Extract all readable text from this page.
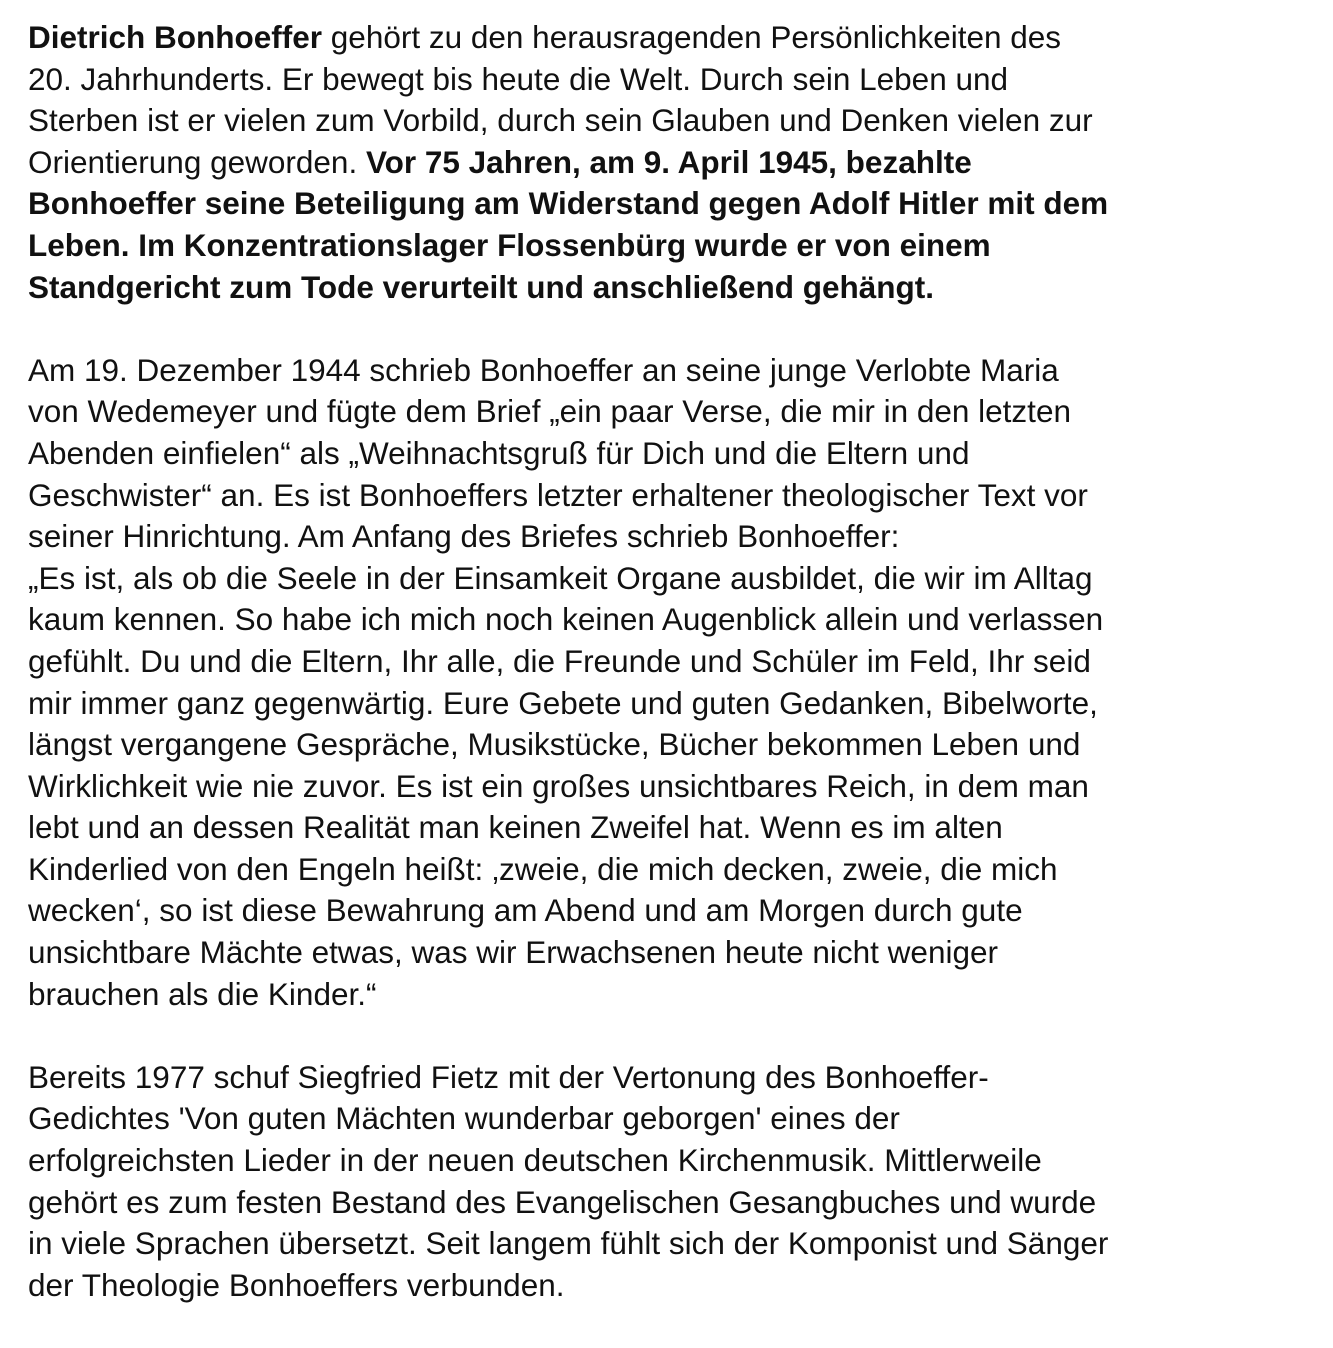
Dietrich Bonhoeffer gehört zu den herausragenden Persönlichkeiten des
20. Jahrhunderts. Er bewegt bis heute die Welt. Durch sein Leben und
Sterben ist er vielen zum Vorbild, durch sein Glauben und Denken vielen zur
Orientierung geworden. Vor 75 Jahren, am 9. April 1945, bezahlte
Bonhoeffer seine Beteiligung am Widerstand gegen Adolf Hitler mit dem
Leben. Im Konzentrationslager Flossenbürg wurde er von einem
Standgericht zum Tode verurteilt und anschließend gehängt.

Am 19. Dezember 1944 schrieb Bonhoeffer an seine junge Verlobte Maria
von Wedemeyer und fügte dem Brief „ein paar Verse, die mir in den letzten
Abenden einfielen“ als „Weihnachtsgruß für Dich und die Eltern und
Geschwister“ an. Es ist Bonhoeffers letzter erhaltener theologischer Text vor
seiner Hinrichtung. Am Anfang des Briefes schrieb Bonhoeffer:
„Es ist, als ob die Seele in der Einsamkeit Organe ausbildet, die wir im Alltag
kaum kennen. So habe ich mich noch keinen Augenblick allein und verlassen
gefühlt. Du und die Eltern, Ihr alle, die Freunde und Schüler im Feld, Ihr seid
mir immer ganz gegenwärtig. Eure Gebete und guten Gedanken, Bibelworte,
längst vergangene Gespräche, Musikstücke, Bücher bekommen Leben und
Wirklichkeit wie nie zuvor. Es ist ein großes unsichtbares Reich, in dem man
lebt und an dessen Realität man keinen Zweifel hat. Wenn es im alten
Kinderlied von den Engeln heißt: ‚zweie, die mich decken, zweie, die mich
wecken‘, so ist diese Bewahrung am Abend und am Morgen durch gute
unsichtbare Mächte etwas, was wir Erwachsenen heute nicht weniger
brauchen als die Kinder.“

Bereits 1977 schuf Siegfried Fietz mit der Vertonung des Bonhoeffer-
Gedichtes 'Von guten Mächten wunderbar geborgen' eines der
erfolgreichsten Lieder in der neuen deutschen Kirchenmusik. Mittlerweile
gehört es zum festen Bestand des Evangelischen Gesangbuches und wurde
in viele Sprachen übersetzt. Seit langem fühlt sich der Komponist und Sänger
der Theologie Bonhoeffers verbunden.
